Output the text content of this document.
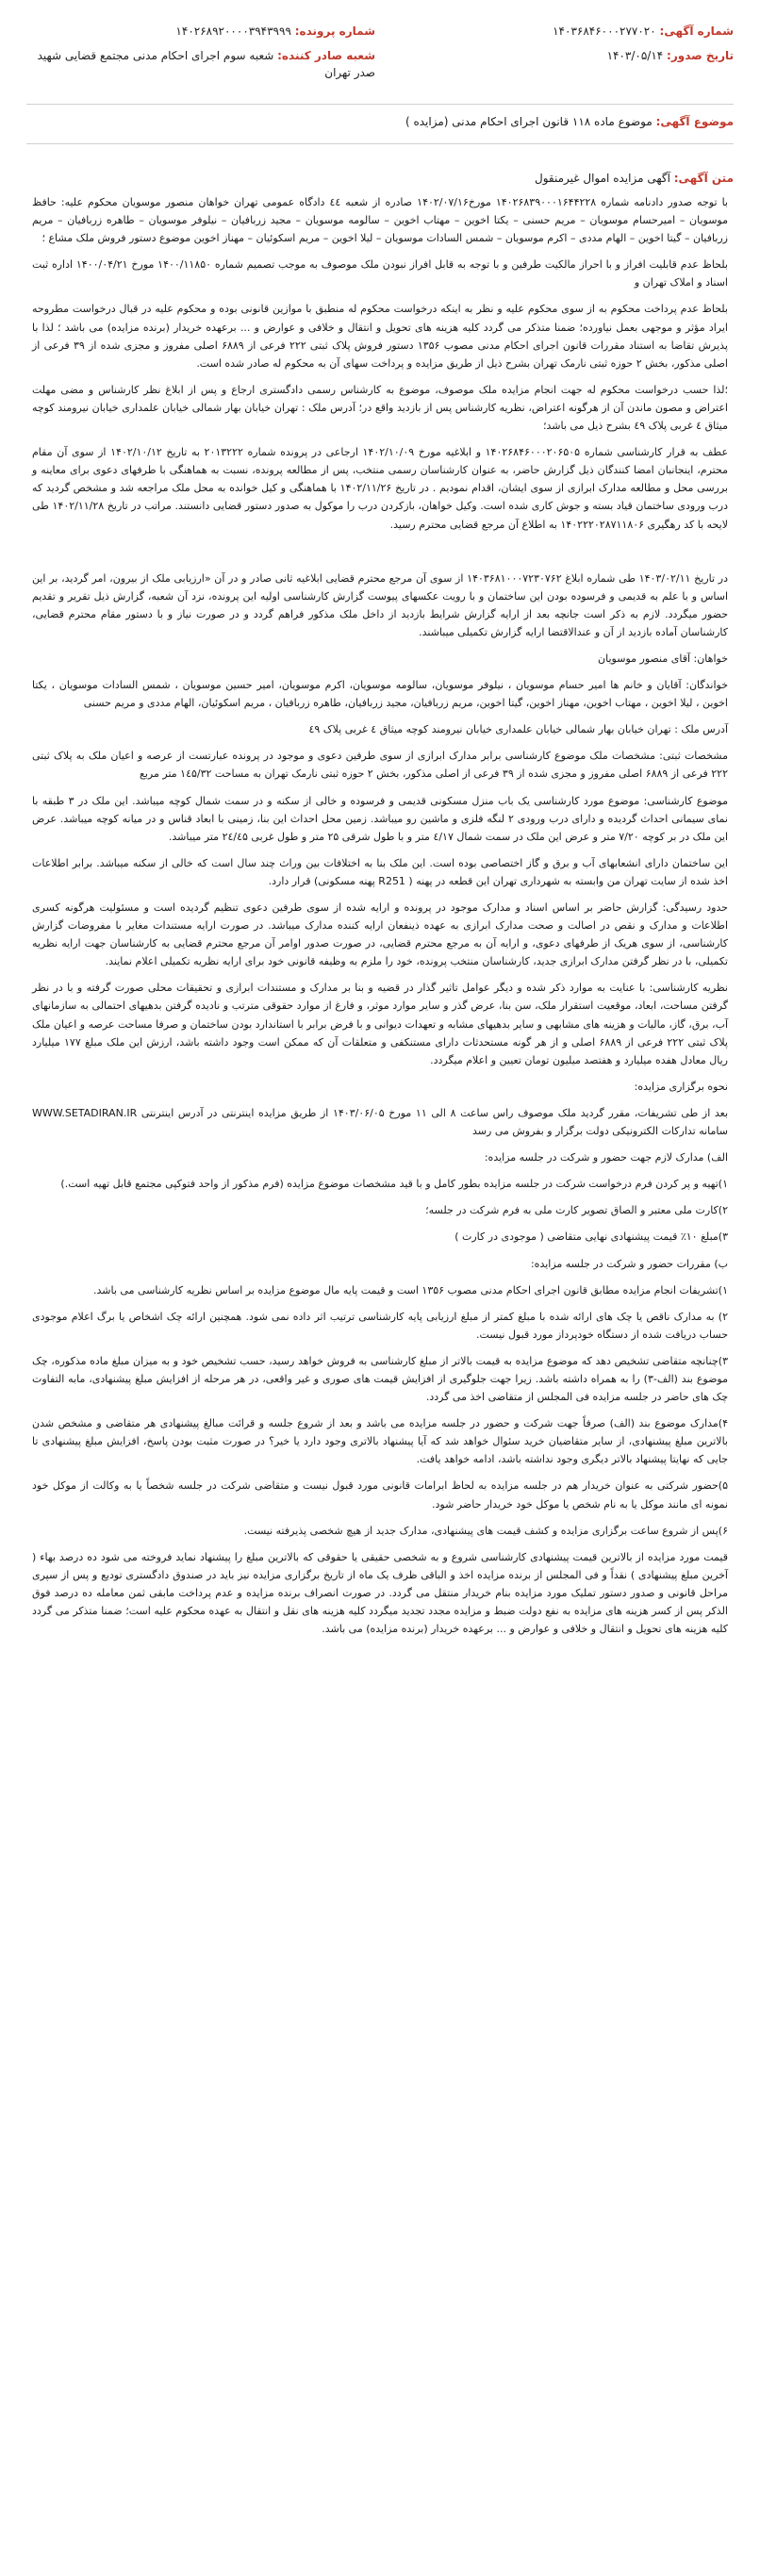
شماره آگهی: ۱۴۰۳۶۸۴۶۰۰۰۲۷۷۰۲۰
تاریخ صدور: ۱۴۰۳/۰۵/۱۴
شماره پرونده: ۱۴۰۲۶۸۹۲۰۰۰۰۳۹۴۳۹۹۹
شعبه صادر کننده: شعبه سوم اجرای احکام مدنی مجتمع قضایی شهید صدر تهران
موضوع آگهی: موضوع ماده ۱۱۸ قانون اجرای احکام مدنی (مزایده )
متن آگهی: آگهی مزایده اموال غیرمنقول

با توجه صدور دادنامه شماره ۱۴۰۲۶۸۳۹۰۰۰۱۶۴۴۲۲۸ مورخ۱۴۰۲/۰۷/۱۶ صادره از شعبه ٤٤ دادگاه عمومی تهران خواهان منصور موسویان محکوم علیه: حافظ موسویان – امیرحسام موسویان – مریم حسنی – یکتا اخوین – مهتاب اخوین – سالومه موسویان – مجید زربافیان – نیلوفر موسویان – طاهره زربافیان – مریم زربافیان – گیتا اخوین – الهام مددی – اکرم موسویان – شمس السادات موسویان – لیلا اخوین – مریم اسکوئیان – مهناز اخوین موضوع دستور فروش ملک مشاع ؛

بلحاظ عدم قابلیت افراز و با احراز مالکیت طرفین و با توجه به قابل افراز نبودن ملک موصوف به موجب تصمیم شماره ۱۴۰۰/۱۱۸۵۰ مورخ ۱۴۰۰/۰۴/۲۱ اداره ثبت اسناد و املاک تهران و

بلحاظ عدم پرداخت محکوم به از سوی محکوم علیه و نظر به اینکه درخواست محکوم له منطبق با موازین قانونی بوده و محکوم علیه در قبال درخواست مطروحه ایراد مؤثر و موجهی بعمل نیاورده؛ ضمنا متذکر می گردد کلیه هزینه های تحویل و انتقال و خلافی و عوارض و ... برعهده خریدار (برنده مزایده) می باشد ؛ لذا با پذیرش تقاضا به استناد مقررات قانون اجرای احکام مدنی مصوب ۱۳۵۶ دستور فروش پلاک ثبتی ۲۲۲ فرعی از ۶۸۸۹ اصلی مفروز و مجزی شده از ۳۹ فرعی از اصلی مذکور، بخش ۲ حوزه ثبتی نارمک تهران بشرح ذیل از طریق مزایده و پرداخت سهای آن به محکوم له صادر شده است.

؛لذا حسب درخواست محکوم له جهت انجام مزایده ملک موصوف، موضوع به کارشناس رسمی دادگستری ارجاع و پس از ابلاغ نظر کارشناس و مضی مهلت اعتراض و مصون ماندن آن از هرگونه اعتراض، نظریه کارشناس پس از بازدید واقع در؛ آدرس ملک : تهران خیابان بهار شمالی خیابان علمداری خیابان نیرومند کوچه میثاق ٤ غربی پلاک ٤۹ بشرح ذیل می باشد؛

عطف به قرار کارشناسی شماره ۱۴۰۲۶۸۴۶۰۰۰۲۰۶۵۰۵ و ابلاغیه مورخ ۱۴۰۲/۱۰/۰۹ ارجاعی در پرونده شماره ۲۰۱۳۲۲۲ به تاریخ ۱۴۰۲/۱۰/۱۲ از سوی آن مقام محترم، اینجانبان امضا کنندگان ذیل گزارش حاضر، به عنوان کارشناسان رسمی منتخب، پس از مطالعه پرونده، نسبت به هماهنگی با طرفهای دعوی برای معاینه و بررسی محل و مطالعه مدارک ابرازی از سوی ایشان، اقدام نمودیم . در تاریخ ۱۴۰۲/۱۱/۲۶ با هماهنگی و کیل خوانده به محل ملک مراجعه شد و مشخص گردید که درب ورودی ساختمان قیاد بسته و جوش کاری شده است. وکیل خواهان، بازکردن درب را موکول به صدور دستور قضایی دانستند. مراتب در تاریخ ۱۴۰۲/۱۱/۲۸ طی لایحه با کد رهگیری ۱۴۰۲۲۲۰۲۸۷۱۱۸۰۶ به اطلاع آن مرجع قضایی محترم رسید.

در تاریخ ۱۴۰۳/۰۲/۱۱ طی شماره ابلاغ ۱۴۰۳۶۸۱۰۰۰۷۲۳۰۷۶۲ از سوی آن مرجع محترم قضایی ابلاغیه ثانی صادر و در آن «ارزیابی ملک از بیرون، امر گردید، بر این اساس و با علم به قدیمی و فرسوده بودن این ساختمان و با رویت عکسهای پیوست گزارش کارشناسی اولیه این پرونده، نزد آن شعبه، گزارش ذیل تقریر و تقدیم حضور میگردد. لازم به ذکر است جانچه بعد از ارایه گزارش شرایط بازدید از داخل ملک مذکور فراهم گردد و در صورت نیاز و با دستور مقام محترم قضایی، کارشناسان آماده بازدید از آن و عندالاقتضا ارایه گزارش تکمیلی میباشند.

خواهان: آقای منصور موسویان

خواندگان: آقایان و خانم ها امیر حسام موسویان ، نیلوفر موسویان، سالومه موسویان، اکرم موسویان، امیر حسین موسویان ، شمس السادات موسویان ، یکتا اخوین ، لیلا اخوین ، مهتاب اخوین، مهناز اخوین، گیتا اخوین، مریم زربافیان، مجید زربافیان، طاهره زربافیان ، مریم اسکوئیان، الهام مددی و مریم حسنی

آدرس ملک : تهران خیابان بهار شمالی خیابان علمداری خیابان نیرومند کوچه میثاق ٤ غربی پلاک ٤۹

مشخصات ثبتی: مشخصات ملک موضوع کارشناسی برابر مدارک ابرازی از سوی طرفین دعوی و موجود در پرونده عبارتست از عرصه و اعیان ملک به پلاک ثبتی ۲۲۲ فرعی از ۶۸۸۹ اصلی مفروز و مجزی شده از ۳۹ فرعی از اصلی مذکور، بخش ۲ حوزه ثبتی نارمک تهران به مساحت ۱٤۵/۳۲ متر مربع

موضوع کارشناسی: موضوع مورد کارشناسی یک باب منزل مسکونی قدیمی و فرسوده و خالی از سکنه و در سمت شمال کوچه میباشد. این ملک در ۳ طبقه با نمای سیمانی احداث گردیده و دارای درب ورودی ۲ لنگه فلزی و ماشین رو میباشد. زمین محل احداث این بنا، زمینی با ابعاد قناس و در میانه کوچه میباشد. عرض این ملک در بر کوچه ۷/۲۰ متر و عرض این ملک در سمت شمال ٤/۱۷ متر و با طول شرقی ۲۵ متر و طول غربی ۲٤/٤۵ متر میباشد.

این ساختمان دارای انشعابهای آب و برق و گاز اختصاصی بوده است. این ملک بنا به اختلافات بین وراث چند سال است که خالی از سکنه میباشد. برابر اطلاعات اخذ شده از سایت تهران من وابسته به شهرداری تهران این قطعه در پهنه ( R251 پهنه مسکونی) قرار دارد.

حدود رسیدگی: گزارش حاضر بر اساس اسناد و مدارک موجود در پرونده و ارایه شده از سوی طرفین دعوی تنظیم گردیده است و مسئولیت هرگونه کسری اطلاعات و مدارک و نقص در اصالت و صحت مدارک ابرازی به عهده ذینفعان ارایه کننده مدارک میباشد. در صورت ارایه مستندات مغایر با مفروضات گزارش کارشناسی، از سوی هریک از طرفهای دعوی، و ارایه آن به مرجع محترم قضایی، در صورت صدور اوامر آن مرجع محترم قضایی به کارشناسان جهت ارایه نظریه تکمیلی، با در نظر گرفتن مدارک ابرازی جدید، کارشناسان منتخب پرونده، خود را ملزم به وظیفه قانونی خود برای ارایه نظریه تکمیلی اعلام نمایند.

نظریه کارشناسی: با عنایت به موارد ذکر شده و دیگر عوامل تاثیر گذار در قضیه و بنا بر مدارک و مستندات ابرازی و تحقیقات محلی صورت گرفته و با در نظر گرفتن مساحت، ابعاد، موقعیت استقرار ملک، سن بنا، عرض گذر و سایر موارد موثر، و فارغ از موارد حقوقی مترتب و نادیده گرفتن بدهیهای احتمالی به سازمانهای آب، برق، گاز، مالیات و هزینه های مشابهی و سایر بدهیهای مشابه و تعهدات دیوانی و با فرض برابر با استاندارد بودن ساختمان و صرفا مساحت عرصه و اعیان ملک پلاک ثبتی ۲۲۲ فرعی از ۶۸۸۹ اصلی و از هر گونه مستحدثات دارای مستنکفی و متعلقات آن که ممکن است وجود داشته باشد، ارزش این ملک مبلغ ۱۷۷ میلیارد ریال معادل هفده میلیارد و هفتصد میلیون تومان تعیین و اعلام میگردد.

نحوه برگزاری مزایده:

بعد از طی تشریفات، مقرر گردید ملک موصوف راس ساعت ۸ الی ۱۱ مورخ ۱۴۰۳/۰۶/۰۵ از طریق مزایده اینترنتی در آدرس اینترنتی WWW.SETADIRAN.IR سامانه تدارکات الکترونیکی دولت برگزار و بفروش می رسد

الف) مدارک لازم جهت حضور و شرکت در جلسه مزایده:

۱)تهیه و پر کردن فرم درخواست شرکت در جلسه مزایده بطور کامل و با قید مشخصات موضوع مزایده (فرم مذکور از واحد فتوکپی مجتمع قابل تهیه است.)

۲)کارت ملی معتبر و الصاق تصویر کارت ملی به فرم شرکت در جلسه؛

۳)مبلغ ۱۰٪ قیمت پیشنهادی نهایی متقاضی ( موجودی در کارت )

ب) مقررات حضور و شرکت در جلسه مزایده:

۱)تشریفات انجام مزایده مطابق قانون اجرای احکام مدنی مصوب ۱۳۵۶ است و قیمت پایه مال موضوع مزایده بر اساس نظریه کارشناسی می باشد.

۲) به مدارک ناقص یا چک های ارائه شده با مبلغ کمتر از مبلغ ارزیابی پایه کارشناسی ترتیب اثر داده نمی شود. همچنین ارائه چک اشخاص یا برگ اعلام موجودی حساب دریافت شده از دستگاه خودپرداز مورد قبول نیست.

۳)چنانچه متقاضی تشخیص دهد که موضوع مزایده به قیمت بالاتر از مبلغ کارشناسی به فروش خواهد رسید، حسب تشخیص خود و به میزان مبلغ ماده مذکوره، چک موضوع بند (الف-۳) را به همراه داشته باشد. زیرا جهت جلوگیری از افزایش قیمت های صوری و غیر واقعی، در هر مرحله از افزایش مبلغ پیشنهادی، مابه التفاوت چک های حاضر در جلسه مزایده فی المجلس از متقاضی اخذ می گردد.

۴)مدارک موضوع بند (الف) صرفاً جهت شرکت و حضور در جلسه مزایده می باشد و بعد از شروع جلسه و قرائت مبالغ پیشنهادی هر متقاضی و مشخص شدن بالاترین مبلغ پیشنهادی، از سایر متقاضیان خرید سئوال خواهد شد که آیا پیشنهاد بالاتری وجود دارد یا خیر؟ در صورت مثبت بودن پاسخ، افزایش مبلغ پیشنهادی تا جایی که نهایتا پیشنهاد بالاتر دیگری وجود نداشته باشد، ادامه خواهد یافت.

۵)حضور شرکتی به عنوان خریدار هم در جلسه مزایده به لحاظ ابرامات قانونی مورد قبول نیست و متقاضی شرکت در جلسه شخصاً یا به وکالت از موکل خود نمونه ای مانند موکل یا به نام شخص یا موکل خود خریدار حاضر شود.

۶)پس از شروع ساعت برگزاری مزایده و کشف قیمت های پیشنهادی، مدارک جدید از هیچ شخصی پذیرفته نیست.

قیمت مورد مزایده از بالاترین قیمت پیشنهادی کارشناسی شروع و به شخصی حقیقی یا حقوقی که بالاترین مبلغ را پیشنهاد نماید فروخته می شود ده درصد بهاء ( آخرین مبلغ پیشنهادی ) نقداً و فی المجلس از برنده مزایده اخذ و الباقی ظرف یک ماه از تاریخ برگزاری مزایده نیز باید در صندوق دادگستری تودیع و پس از سپری مراحل قانونی و صدور دستور تملیک مورد مزایده بنام خریدار منتقل می گردد. در صورت انصراف برنده مزایده و عدم پرداخت مابقی ثمن معامله ده درصد فوق الذکر پس از کسر هزینه های مزایده به نفع دولت ضبط و مزایده مجدد تجدید میگردد کلیه هزینه های نقل و انتقال به عهده محکوم علیه است؛ ضمنا متذکر می گردد کلیه هزینه های تحویل و انتقال و خلافی و عوارض و ... برعهده خریدار (برنده مزایده) می باشد.
